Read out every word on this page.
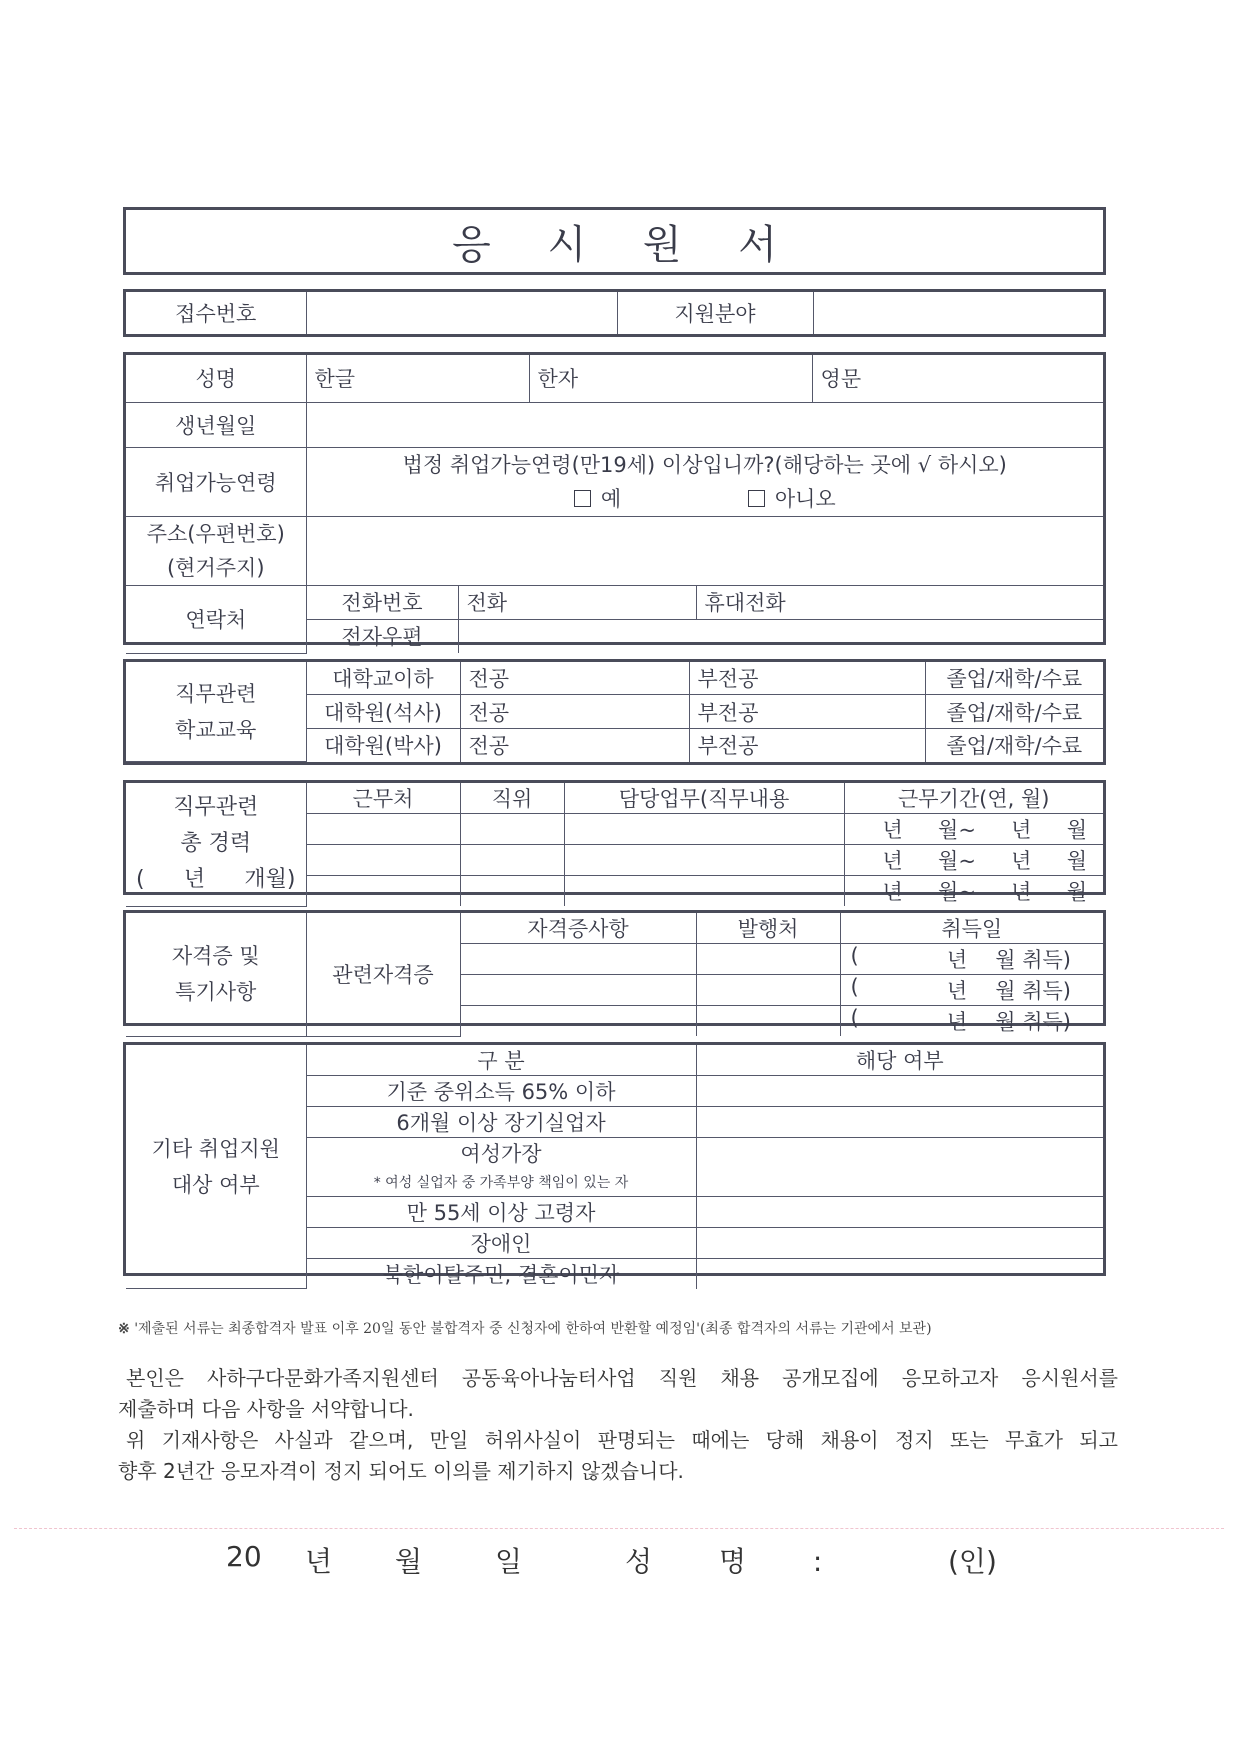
응 시 원 서
접수번호		지원분야	
성명	한글		한자		영문
생년월일					
취업가능연령	법정 취업가능연령(만19세) 이상입니까?(해당하는 곳에 √ 하시오)
예 아니오				

주소(우편번호)
(현거주지)					

연락처	전화번호	전화		휴대전화	
	전자우편				
직무관련
학교교육	대학교이하	전공	부전공	졸업/재학/수료
	대학원(석사)	전공	부전공	졸업/재학/수료
	대학원(박사)	전공	부전공	졸업/재학/수료
직무관련
총 경력
( 년 개월)	근무처	직위	담당업무(직무내용	근무기간(연, 월)

				년 월~ 년 월

				년 월~ 년 월

				년 월~ 년 월
자격증 및
특기사항	관련자격증	자격증사항	발행처	취득일

				( 년 월 취득)

				( 년 월 취득)

				( 년 월 취득)
기타 취업지원
대상 여부	구 분	해당 여부
	기준 중위소득 65% 이하	
	6개월 이상 장기실업자	
	여성가장	
	* 여성 실업자 중 가족부양 책임이 있는 자	
	만 55세 이상 고령자	
	장애인	
	북한이탈주민, 결혼이민자	
※ '제출된 서류는 최종합격자 발표 이후 20일 동안 불합격자 중 신청자에 한하여 반환할 예정임'(최종 합격자의 서류는 기관에서 보관)

본인은 사하구다문화가족지원센터 공동육아나눔터사업 직원 채용 공개모집에 응모하고자 응시원서를

제출하며 다음 사항을 서약합니다.

위 기재사항은 사실과 같으며, 만일 허위사실이 판명되는 때에는 당해 채용이 정지 또는 무효가 되고

향후 2년간 응모자격이 정지 되어도 이의를 제기하지 않겠습니다.

20 년 월	일	성 명 :	(인)
